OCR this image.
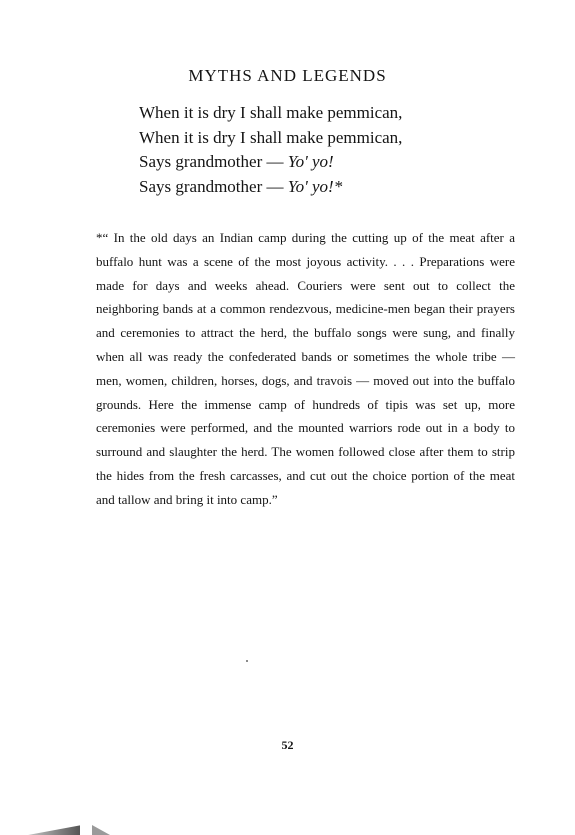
MYTHS AND LEGENDS
When it is dry I shall make pemmican,
When it is dry I shall make pemmican,
Says grandmother — Yo' yo!
Says grandmother — Yo' yo!*

*“ In the old days an Indian camp during the cutting up of the meat after a buffalo hunt was a scene of the most joyous activity. . . . Preparations were made for days and weeks ahead. Couriers were sent out to collect the neighboring bands at a common rendezvous, medicine-men began their prayers and ceremonies to attract the herd, the buffalo songs were sung, and finally when all was ready the confederated bands or sometimes the whole tribe — men, women, children, horses, dogs, and travois — moved out into the buffalo grounds. Here the immense camp of hundreds of tipis was set up, more ceremonies were performed, and the mounted warriors rode out in a body to surround and slaughter the herd. The women followed close after them to strip the hides from the fresh carcasses, and cut out the choice portion of the meat and tallow and bring it into camp.”

52
